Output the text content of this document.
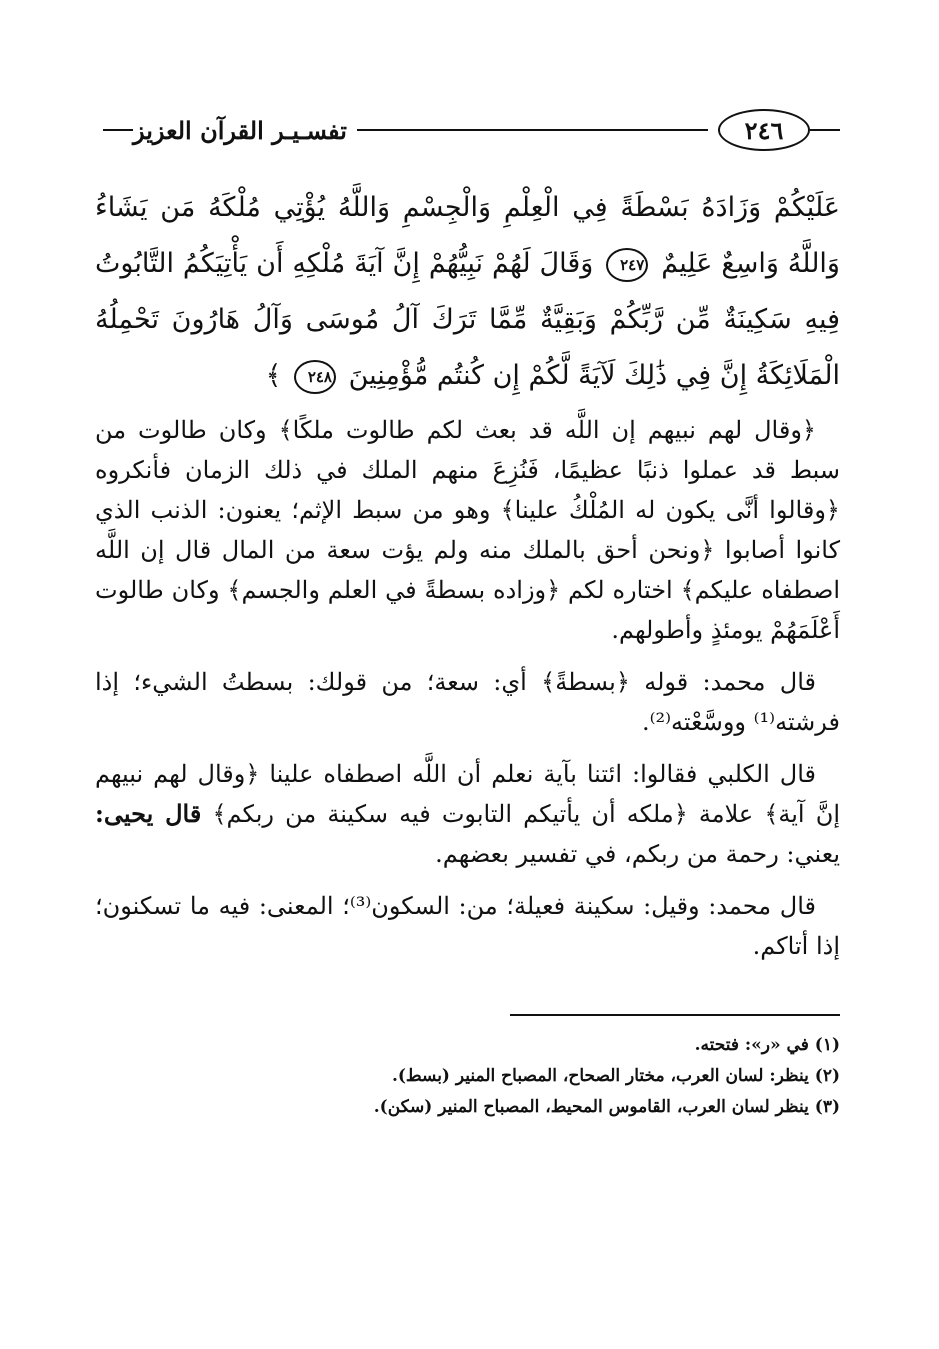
٢٤٦
تفسـيـر القرآن العزيز
عَلَيْكُمْ وَزَادَهُ بَسْطَةً فِي الْعِلْمِ وَالْجِسْمِ وَاللَّهُ يُؤْتِي مُلْكَهُ مَن يَشَاءُ وَاللَّهُ وَاسِعٌ عَلِيمٌ ٢٤٧ وَقَالَ لَهُمْ نَبِيُّهُمْ إِنَّ آيَةَ مُلْكِهِ أَن يَأْتِيَكُمُ التَّابُوتُ فِيهِ سَكِينَةٌ مِّن رَّبِّكُمْ وَبَقِيَّةٌ مِّمَّا تَرَكَ آلُ مُوسَى وَآلُ هَارُونَ تَحْمِلُهُ الْمَلَائِكَةُ إِنَّ فِي ذَٰلِكَ لَآيَةً لَّكُمْ إِن كُنتُم مُّؤْمِنِينَ ٢٤٨ ﴾

﴿وقال لهم نبيهم إن اللَّه قد بعث لكم طالوت ملكًا﴾ وكان طالوت من سبط قد عملوا ذنبًا عظيمًا، فَنُزِعَ منهم الملك في ذلك الزمان فأنكروه ﴿وقالوا أنَّى يكون له المُلْكُ علينا﴾ وهو من سبط الإثم؛ يعنون: الذنب الذي كانوا أصابوا ﴿ونحن أحق بالملك منه ولم يؤت سعة من المال قال إن اللَّه اصطفاه عليكم﴾ اختاره لكم ﴿وزاده بسطةً في العلم والجسم﴾ وكان طالوت أَعْلَمَهُمْ يومئذٍ وأطولهم.

قال محمد: قوله ﴿بسطةً﴾ أي: سعة؛ من قولك: بسطتُ الشيء؛ إذا فرشته⁽¹⁾ ووسَّعْته⁽²⁾.

قال الكلبي فقالوا: ائتنا بآية نعلم أن اللَّه اصطفاه علينا ﴿وقال لهم نبيهم إنَّ آية﴾ علامة ﴿ملكه أن يأتيكم التابوت فيه سكينة من ربكم﴾ قال يحيى: يعني: رحمة من ربكم، في تفسير بعضهم.

قال محمد: وقيل: سكينة فعيلة؛ من: السكون⁽³⁾؛ المعنى: فيه ما تسكنون؛ إذا أتاكم.

(١) في «ر»: فتحته.
(٢) ينظر: لسان العرب، مختار الصحاح، المصباح المنير (بسط).
(٣) ينظر لسان العرب، القاموس المحيط، المصباح المنير (سكن).
